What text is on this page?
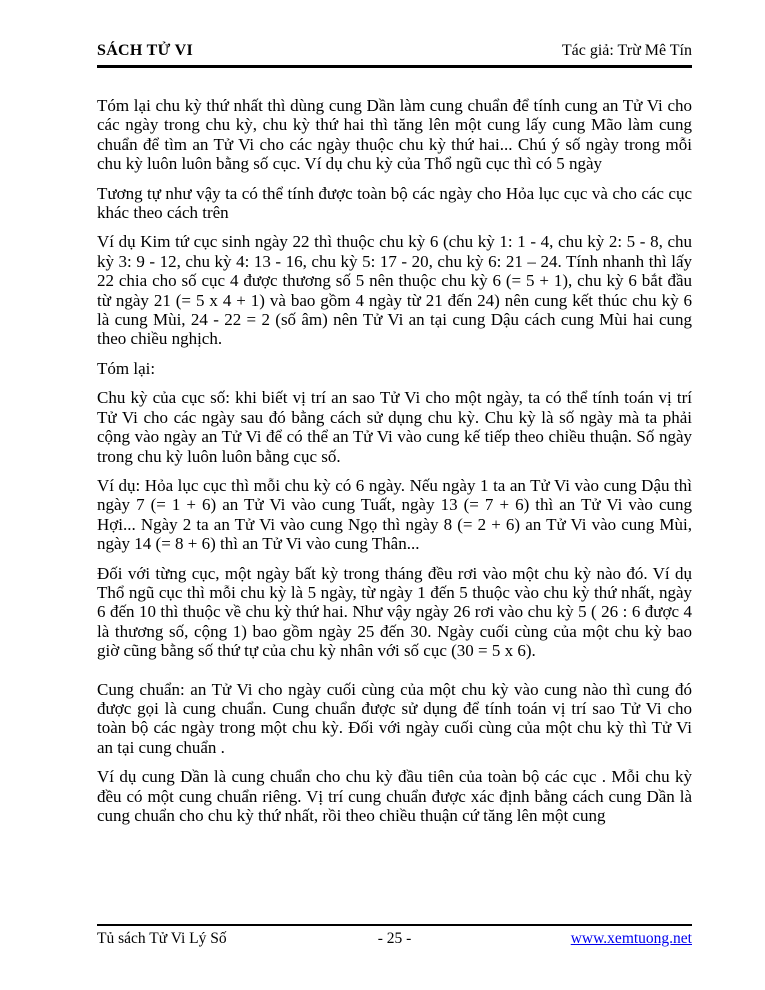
SÁCH TỬ VI	Tác giả: Trừ Mê Tín

Tóm lại chu kỳ thứ nhất thì dùng cung Dần làm cung chuẩn để tính cung an Tử Vi cho các ngày trong chu kỳ, chu kỳ thứ hai thì tăng lên một cung lấy cung Mão làm cung chuẩn để tìm an Tử Vi cho các ngày thuộc chu kỳ thứ hai... Chú ý số ngày trong mỗi chu kỳ luôn luôn bằng số cục. Ví dụ chu kỳ của Thổ ngũ cục thì có 5 ngày

Tương tự như vậy ta có thể tính được toàn bộ các ngày cho Hỏa lục cục và cho các cục khác theo cách trên

Ví dụ Kim tứ cục sinh ngày 22 thì thuộc chu kỳ 6 (chu kỳ 1: 1 - 4, chu kỳ 2: 5 - 8, chu kỳ 3: 9 - 12, chu kỳ 4: 13 - 16, chu kỳ 5: 17 - 20, chu kỳ 6: 21 – 24. Tính nhanh thì lấy 22 chia cho số cục 4 được thương số 5 nên thuộc chu kỳ 6 (= 5 + 1), chu kỳ 6 bắt đầu từ ngày 21 (= 5 x 4 + 1) và bao gồm 4 ngày từ 21 đến 24) nên cung kết thúc chu kỳ 6 là cung Mùi, 24 - 22 = 2 (số âm) nên Tử Vi an tại cung Dậu cách cung Mùi hai cung theo chiều nghịch.

Tóm lại:

Chu kỳ của cục số: khi biết vị trí an sao Tử Vi cho một ngày, ta có thể tính toán vị trí Tử Vi cho các ngày sau đó bằng cách sử dụng chu kỳ. Chu kỳ là số ngày mà ta phải cộng vào ngày an Tử Vi để có thể an Tử Vi vào cung kế tiếp theo chiều thuận. Số ngày trong chu kỳ luôn luôn bằng cục số.

Ví dụ: Hỏa lục cục thì mỗi chu kỳ có 6 ngày. Nếu ngày 1 ta an Tử Vi vào cung Dậu thì ngày 7 (= 1 + 6) an Tử Vi vào cung Tuất, ngày 13 (= 7 + 6) thì an Tử Vi vào cung Hợi... Ngày 2 ta an Tử Vi vào cung Ngọ thì ngày 8 (= 2 + 6) an Tử Vi vào cung Mùi, ngày 14 (= 8 + 6) thì an Tử Vi vào cung Thân...

Đối với từng cục, một ngày bất kỳ trong tháng đều rơi vào một chu kỳ nào đó. Ví dụ Thổ ngũ cục thì mỗi chu kỳ là 5 ngày, từ ngày 1 đến 5 thuộc vào chu kỳ thứ nhất, ngày 6 đến 10 thì thuộc về chu kỳ thứ hai. Như vậy ngày 26 rơi vào chu kỳ 5 ( 26 : 6 được 4 là thương số, cộng 1) bao gồm ngày 25 đến 30. Ngày cuối cùng của một chu kỳ bao giờ cũng bằng số thứ tự của chu kỳ nhân với số cục (30 = 5 x 6).

Cung chuẩn: an Tử Vi cho ngày cuối cùng của một chu kỳ vào cung nào thì cung đó được gọi là cung chuẩn. Cung chuẩn được sử dụng để tính toán vị trí sao Tử Vi cho toàn bộ các ngày trong một chu kỳ. Đối với ngày cuối cùng của một chu kỳ thì Tử Vi an tại cung chuẩn .

Ví dụ cung Dần là cung chuẩn cho chu kỳ đầu tiên của toàn bộ các cục . Mỗi chu kỳ đều có một cung chuẩn riêng. Vị trí cung chuẩn được xác định bằng cách cung Dần là cung chuẩn cho chu kỳ thứ nhất, rồi theo chiều thuận cứ tăng lên một cung

Tủ sách Tử Vi Lý Số	- 25 -	www.xemtuong.net
